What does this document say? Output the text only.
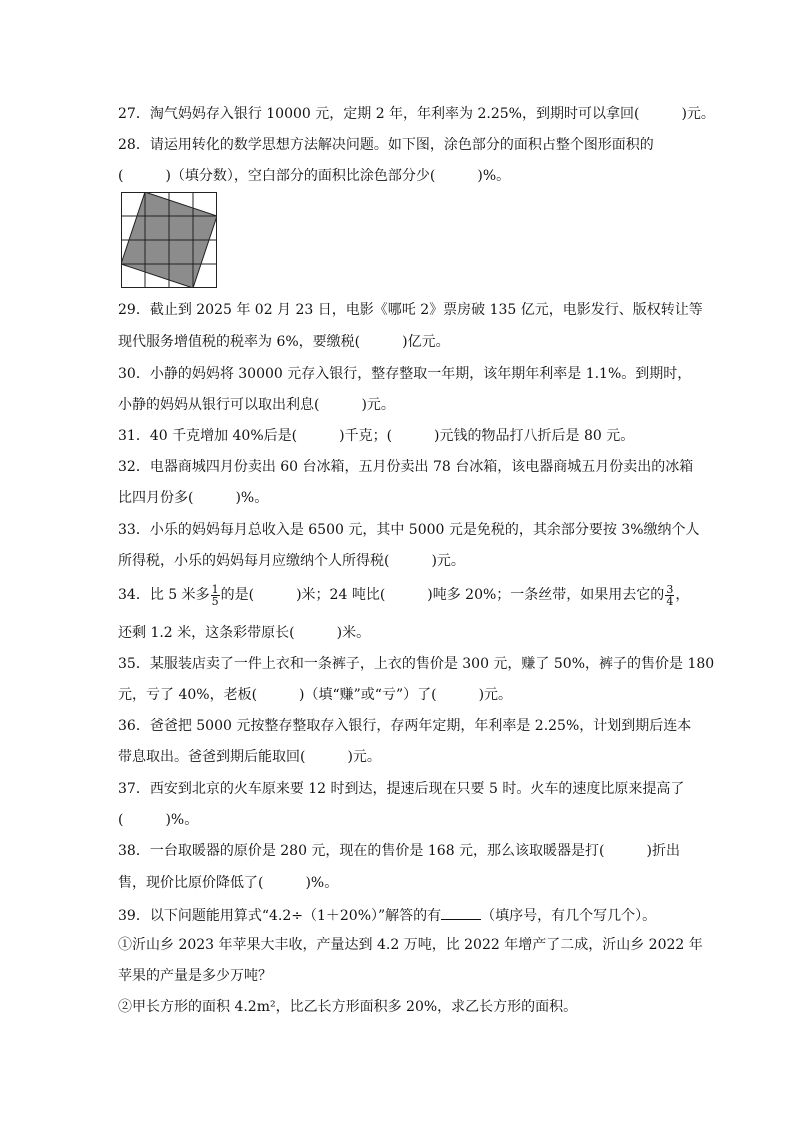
27．淘气妈妈存入银行 10000 元，定期 2 年，年利率为 2.25%，到期时可以拿回(　　　)元。
28．请运用转化的数学思想方法解决问题。如下图，涂色部分的面积占整个图形面积的
(　　　)（填分数），空白部分的面积比涂色部分少(　　　)%。
29．截止到 2025 年 02 月 23 日，电影《哪吒 2》票房破 135 亿元，电影发行、版权转让等
现代服务增值税的税率为 6%，要缴税(　　　)亿元。
30．小静的妈妈将 30000 元存入银行，整存整取一年期，该年期年利率是 1.1%。到期时，
小静的妈妈从银行可以取出利息(　　　)元。
31．40 千克增加 40%后是(　　　)千克；(　　　)元钱的物品打八折后是 80 元。
32．电器商城四月份卖出 60 台冰箱，五月份卖出 78 台冰箱，该电器商城五月份卖出的冰箱
比四月份多(　　　)%。
33．小乐的妈妈每月总收入是 6500 元，其中 5000 元是免税的，其余部分要按 3%缴纳个人
所得税，小乐的妈妈每月应缴纳个人所得税(　　　)元。
34．比 5 米多 $\frac{1}{5}$ 的是(　　　)米；24 吨比(　　　)吨多 20%；一条丝带，如果用去它的 $\frac{3}{4}$ ，
还剩 1.2 米，这条彩带原长(　　　)米。
35．某服装店卖了一件上衣和一条裤子，上衣的售价是 300 元，赚了 50%，裤子的售价是 180
元，亏了 40%，老板(　　　)（填“赚”或“亏”）了(　　　)元。
36．爸爸把 5000 元按整存整取存入银行，存两年定期，年利率是 2.25%，计划到期后连本
带息取出。爸爸到期后能取回(　　　)元。
37．西安到北京的火车原来要 12 时到达，提速后现在只要 5 时。火车的速度比原来提高了
(　　　)%。
38．一台取暖器的原价是 280 元，现在的售价是 168 元，那么该取暖器是打(　　　)折出
售，现价比原价降低了(　　　)%。
39．以下问题能用算式“4.2÷（1＋20%）”解答的有	（填序号，有几个写几个）。
①沂山乡 2023 年苹果大丰收，产量达到 4.2 万吨，比 2022 年增产了二成，沂山乡 2022 年
苹果的产量是多少万吨？
②甲长方形的面积 4.2m²，比乙长方形面积多 20%，求乙长方形的面积。
